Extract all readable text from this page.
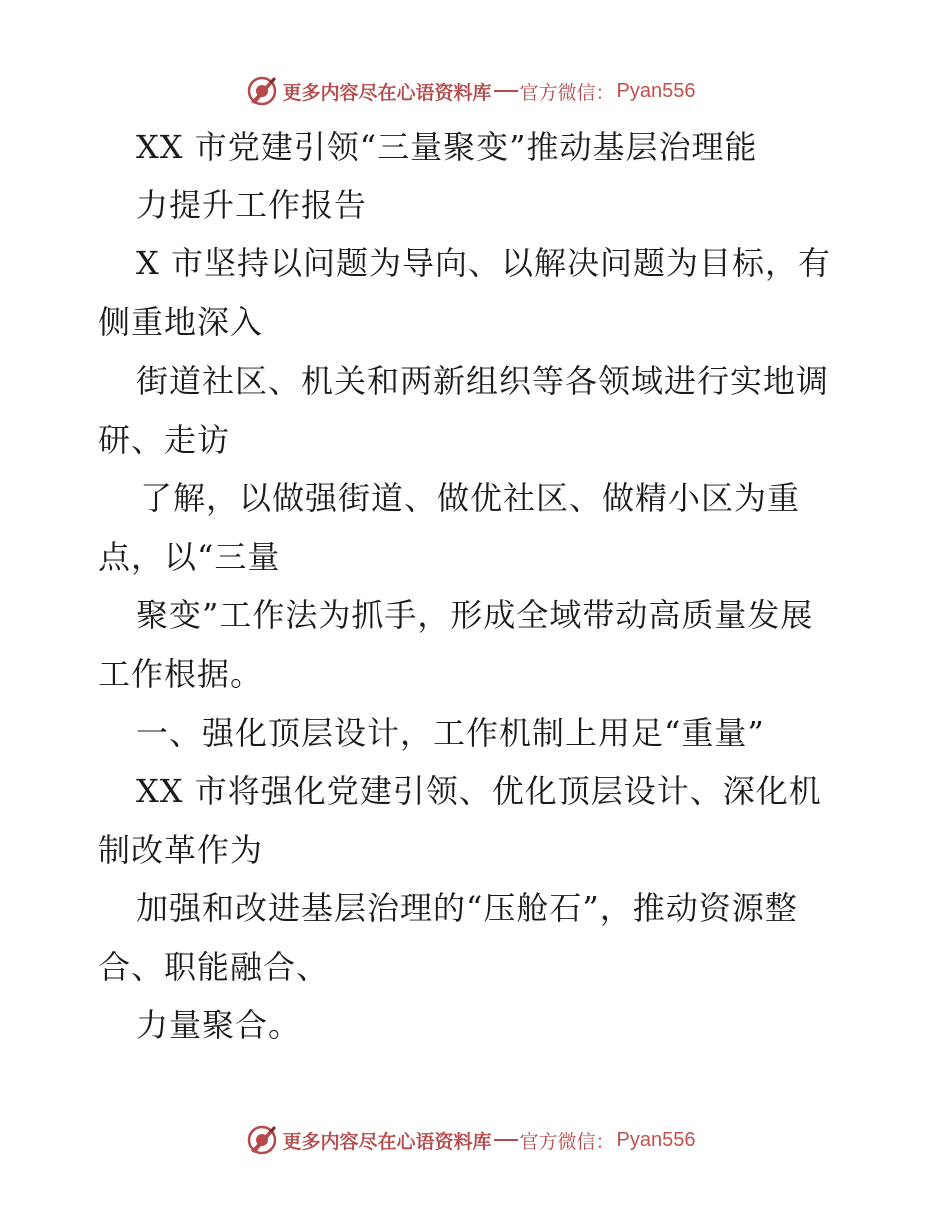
更多内容尽在心语资料库 官方微信： Pyan556
XX 市党建引领“三量聚变”推动基层治理能
力提升工作报告
X 市坚持以问题为导向、以解决问题为目标，有
侧重地深入
街道社区、机关和两新组织等各领域进行实地调
研、走访
了解，以做强街道、做优社区、做精小区为重
点，以“三量
聚变”工作法为抓手，形成全域带动高质量发展
工作根据。
一、强化顶层设计，工作机制上用足“重量”
XX 市将强化党建引领、优化顶层设计、深化机
制改革作为
加强和改进基层治理的“压舱石”，推动资源整
合、职能融合、
力量聚合。
更多内容尽在心语资料库 官方微信： Pyan556
